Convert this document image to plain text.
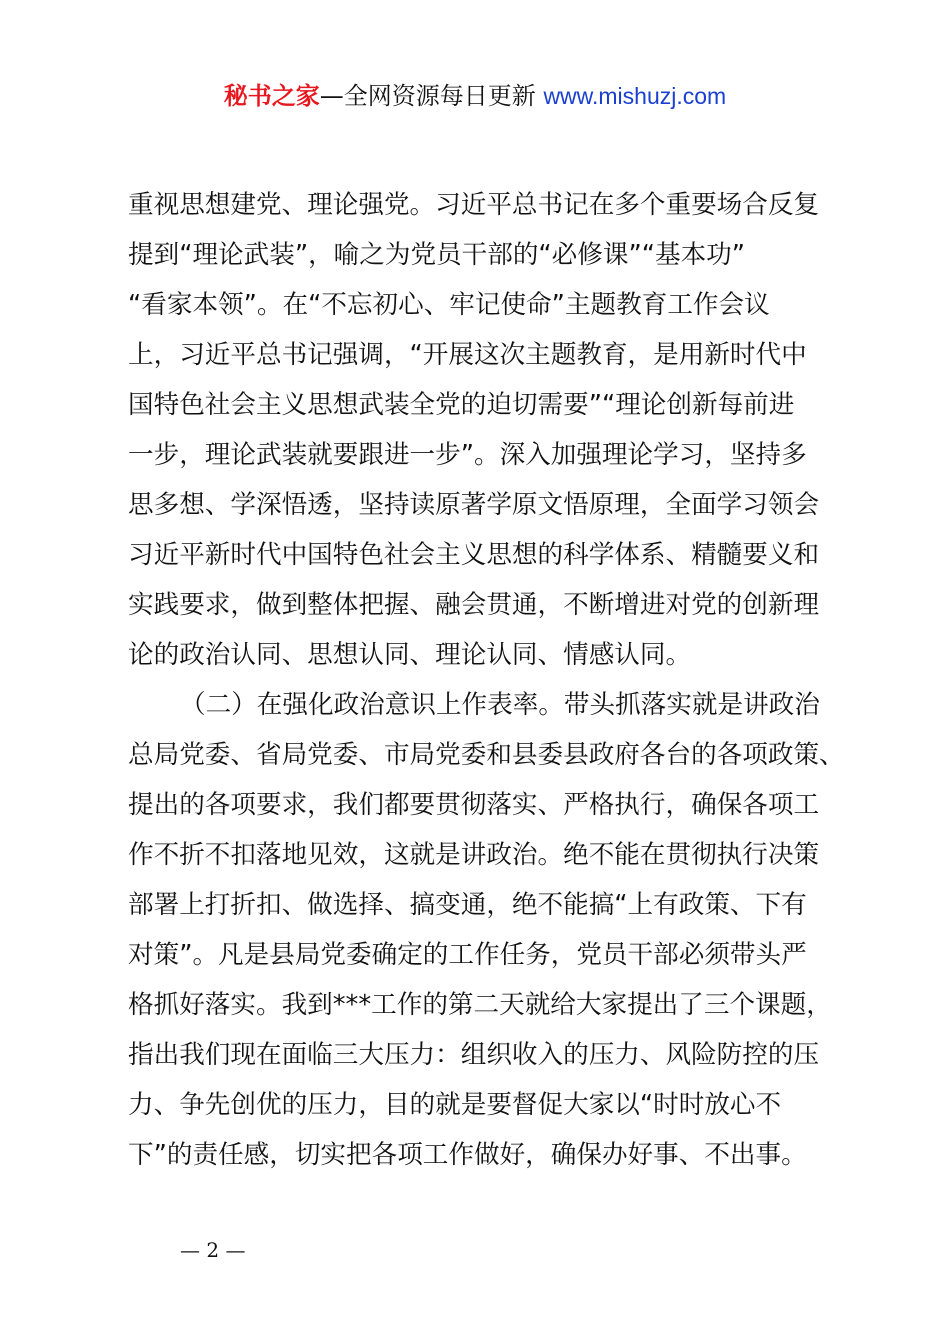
秘书之家—全网资源每日更新 www.mishuzj.com
重视思想建党、理论强党。习近平总书记在多个重要场合反复
提到“理论武装”，喻之为党员干部的“必修课”“基本功”
“看家本领”。在“不忘初心、牢记使命”主题教育工作会议
上，习近平总书记强调，“开展这次主题教育，是用新时代中
国特色社会主义思想武装全党的迫切需要”“理论创新每前进
一步，理论武装就要跟进一步”。深入加强理论学习，坚持多
思多想、学深悟透，坚持读原著学原文悟原理，全面学习领会
习近平新时代中国特色社会主义思想的科学体系、精髓要义和
实践要求，做到整体把握、融会贯通，不断增进对党的创新理
论的政治认同、思想认同、理论认同、情感认同。
（二）在强化政治意识上作表率。带头抓落实就是讲政治
总局党委、省局党委、市局党委和县委县政府各台的各项政策、
提出的各项要求，我们都要贯彻落实、严格执行，确保各项工
作不折不扣落地见效，这就是讲政治。绝不能在贯彻执行决策
部署上打折扣、做选择、搞变通，绝不能搞“上有政策、下有
对策”。凡是县局党委确定的工作任务，党员干部必须带头严
格抓好落实。我到***工作的第二天就给大家提出了三个课题，
指出我们现在面临三大压力：组织收入的压力、风险防控的压
力、争先创优的压力，目的就是要督促大家以“时时放心不
下”的责任感，切实把各项工作做好，确保办好事、不出事。
— 2 —
